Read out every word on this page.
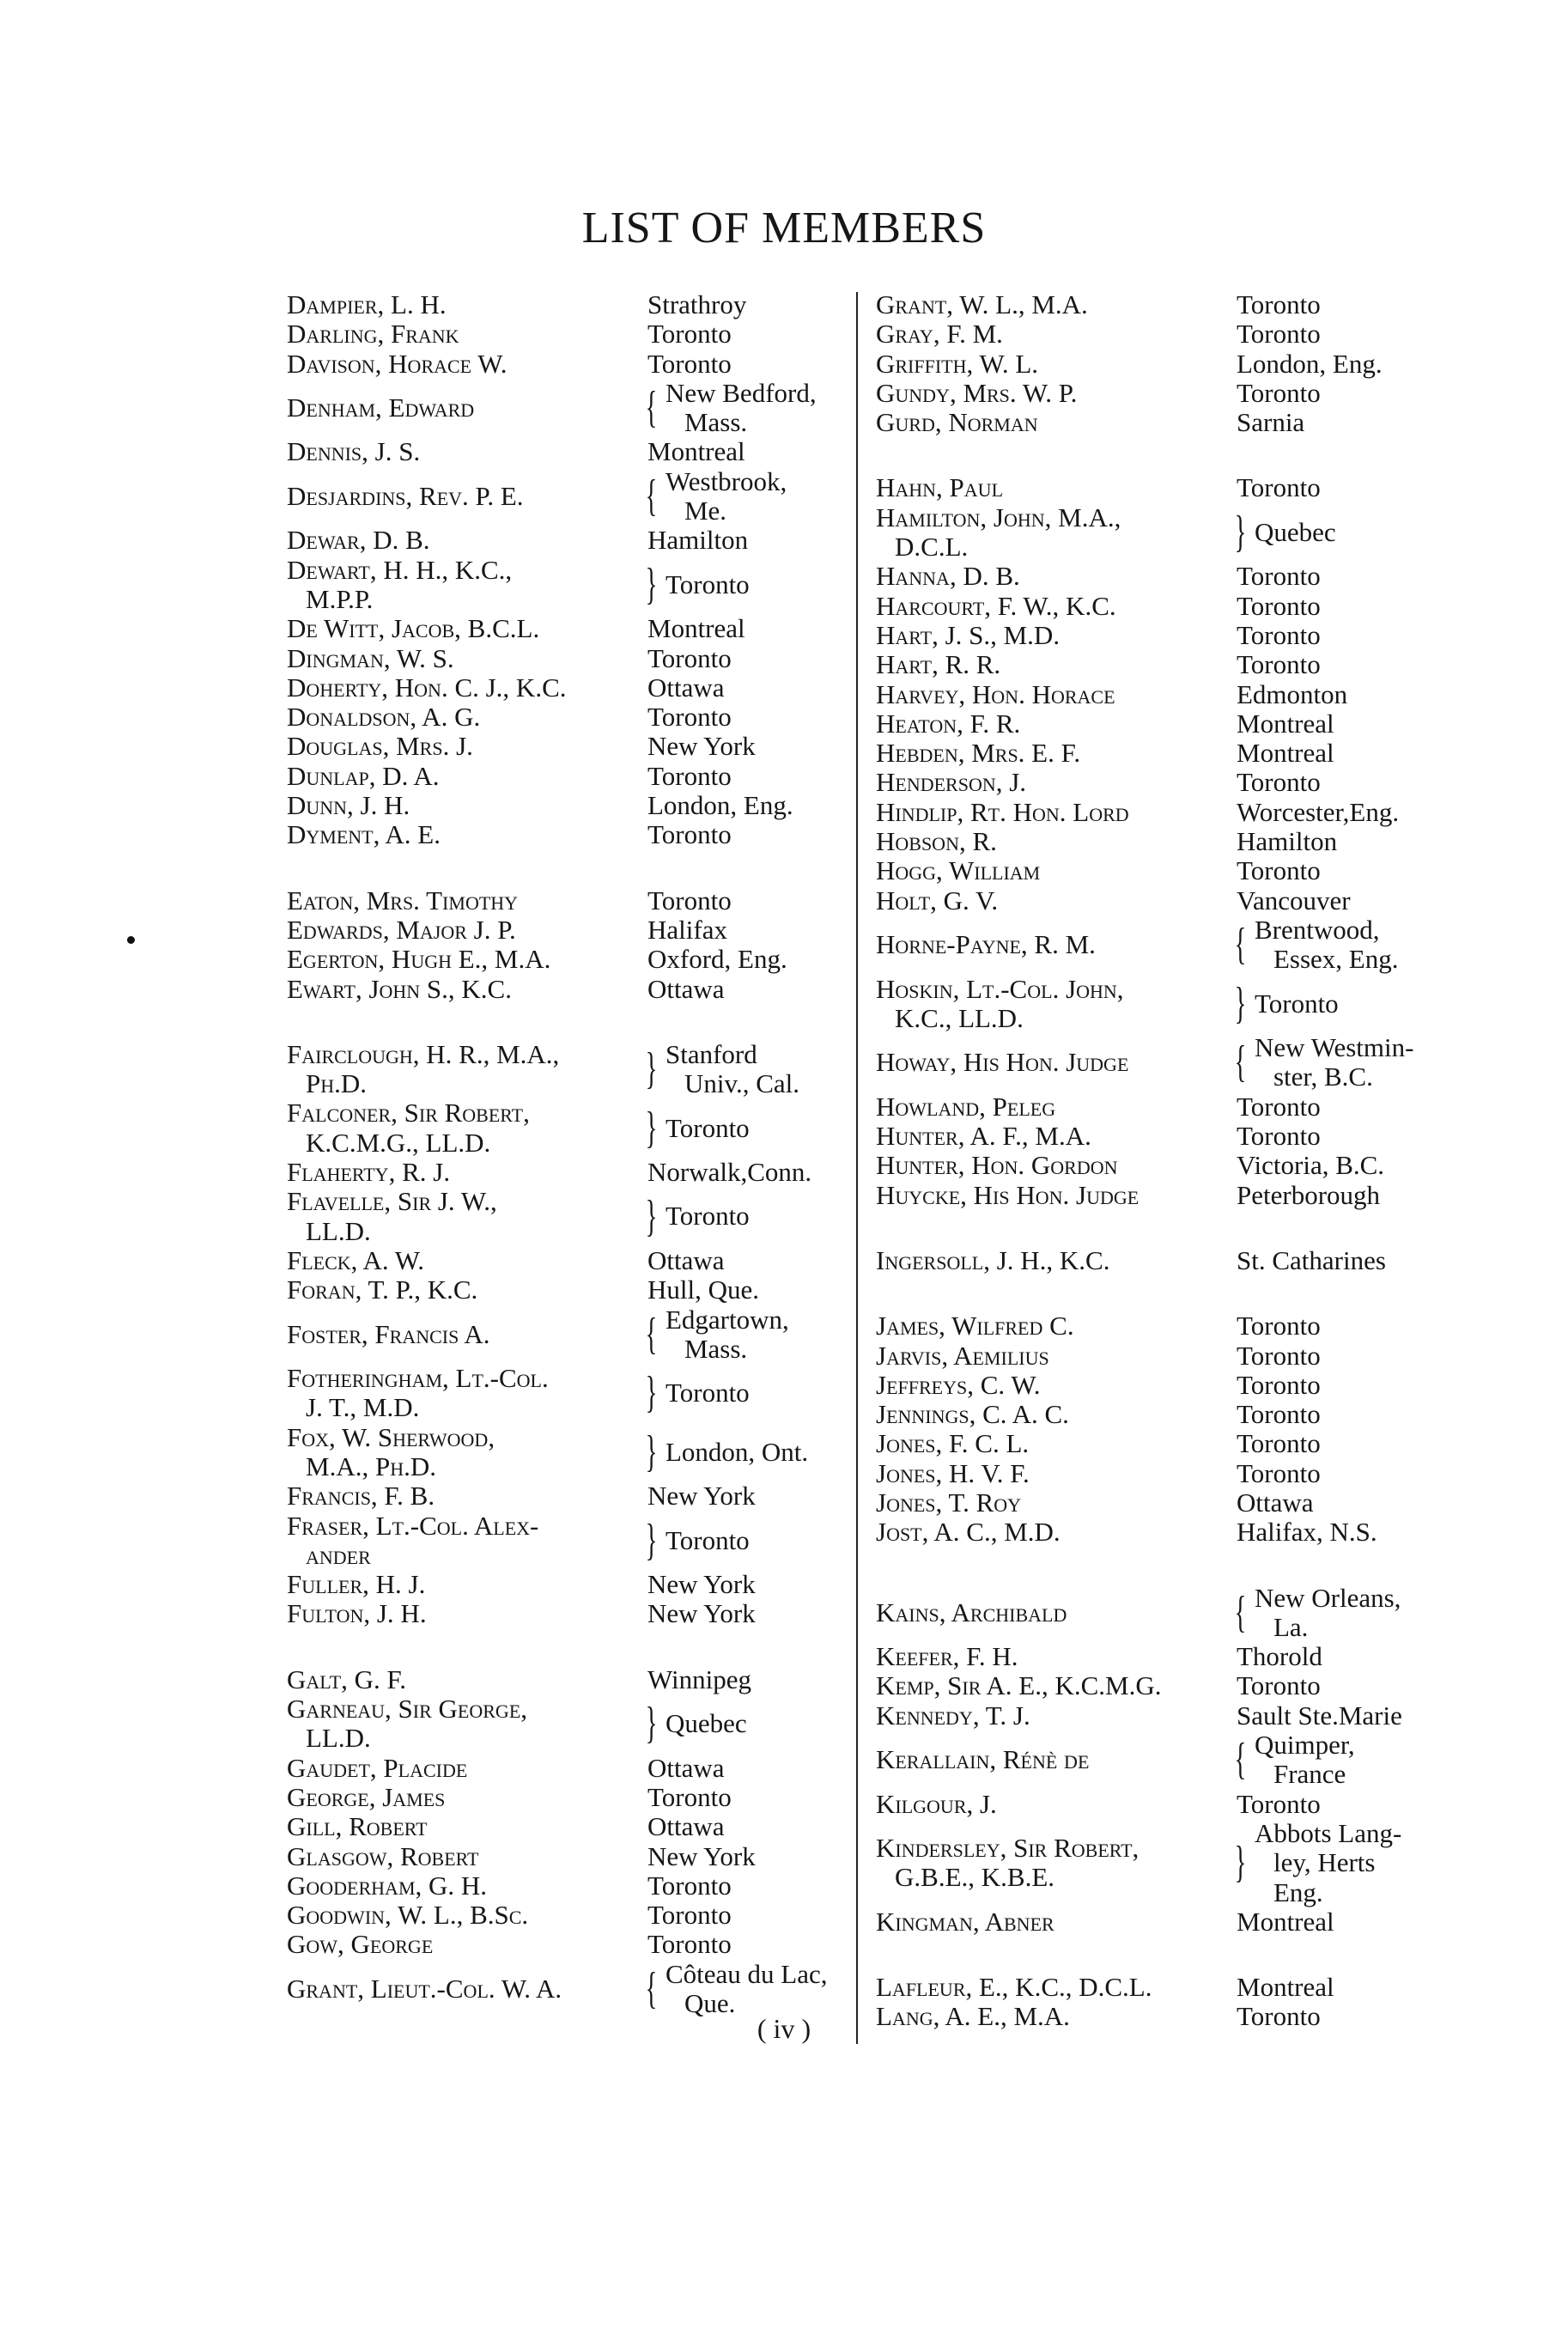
LIST OF MEMBERS
Dampier, L. H.	Strathroy
Darling, Frank	Toronto
Davison, Horace W.	Toronto
Denham, Edward	{ New Bedford,
Mass.
Dennis, J. S.	Montreal
Desjardins, Rev. P. E.	{ Westbrook,
Me.
Dewar, D. B.	Hamilton
Dewart, H. H., K.C.,
M.P.P.	} Toronto
De Witt, Jacob, B.C.L.	Montreal
Dingman, W. S.	Toronto
Doherty, Hon. C. J., K.C.	Ottawa
Donaldson, A. G.	Toronto
Douglas, Mrs. J.	New York
Dunlap, D. A.	Toronto
Dunn, J. H.	London, Eng.
Dyment, A. E.	Toronto
Eaton, Mrs. Timothy	Toronto
Edwards, Major J. P.	Halifax
Egerton, Hugh E., M.A.	Oxford, Eng.
Ewart, John S., K.C.	Ottawa
Fairclough, H. R., M.A.,
Ph.D.	} Stanford
Univ., Cal.
Falconer, Sir Robert,
K.C.M.G., LL.D.	} Toronto
Flaherty, R. J.	Norwalk,Conn.
Flavelle, Sir J. W.,
LL.D.	} Toronto
Fleck, A. W.	Ottawa
Foran, T. P., K.C.	Hull, Que.
Foster, Francis A.	{ Edgartown,
Mass.
Fotheringham, Lt.-Col.
J. T., M.D.	} Toronto
Fox, W. Sherwood,
M.A., Ph.D.	} London, Ont.
Francis, F. B.	New York
Fraser, Lt.-Col. Alex-
ander	} Toronto
Fuller, H. J.	New York
Fulton, J. H.	New York
Galt, G. F.	Winnipeg
Garneau, Sir George,
LL.D.	} Quebec
Gaudet, Placide	Ottawa
George, James	Toronto
Gill, Robert	Ottawa
Glasgow, Robert	New York
Gooderham, G. H.	Toronto
Goodwin, W. L., B.Sc.	Toronto
Gow, George	Toronto
Grant, Lieut.-Col. W. A.	{ Côteau du Lac,
Que.
Grant, W. L., M.A.	Toronto
Gray, F. M.	Toronto
Griffith, W. L.	London, Eng.
Gundy, Mrs. W. P.	Toronto
Gurd, Norman	Sarnia
Hahn, Paul	Toronto
Hamilton, John, M.A.,
D.C.L.	} Quebec
Hanna, D. B.	Toronto
Harcourt, F. W., K.C.	Toronto
Hart, J. S., M.D.	Toronto
Hart, R. R.	Toronto
Harvey, Hon. Horace	Edmonton
Heaton, F. R.	Montreal
Hebden, Mrs. E. F.	Montreal
Henderson, J.	Toronto
Hindlip, Rt. Hon. Lord	Worcester,Eng.
Hobson, R.	Hamilton
Hogg, William	Toronto
Holt, G. V.	Vancouver
Horne-Payne, R. M.	{ Brentwood,
Essex, Eng.
Hoskin, Lt.-Col. John,
K.C., LL.D.	} Toronto
Howay, His Hon. Judge	{ New Westmin-
ster, B.C.
Howland, Peleg	Toronto
Hunter, A. F., M.A.	Toronto
Hunter, Hon. Gordon	Victoria, B.C.
Huycke, His Hon. Judge	Peterborough
Ingersoll, J. H., K.C.	St. Catharines
James, Wilfred C.	Toronto
Jarvis, Aemilius	Toronto
Jeffreys, C. W.	Toronto
Jennings, C. A. C.	Toronto
Jones, F. C. L.	Toronto
Jones, H. V. F.	Toronto
Jones, T. Roy	Ottawa
Jost, A. C., M.D.	Halifax, N.S.
Kains, Archibald	{ New Orleans,
La.
Keefer, F. H.	Thorold
Kemp, Sir A. E., K.C.M.G.	Toronto
Kennedy, T. J.	Sault Ste.Marie
Kerallain, Rénè de	{ Quimper,
France
Kilgour, J.	Toronto
Kindersley, Sir Robert,
G.B.E., K.B.E.	}
Abbots Lang-
ley, Herts
Eng.
Kingman, Abner	Montreal
Lafleur, E., K.C., D.C.L.	Montreal
Lang, A. E., M.A.	Toronto
( iv )
